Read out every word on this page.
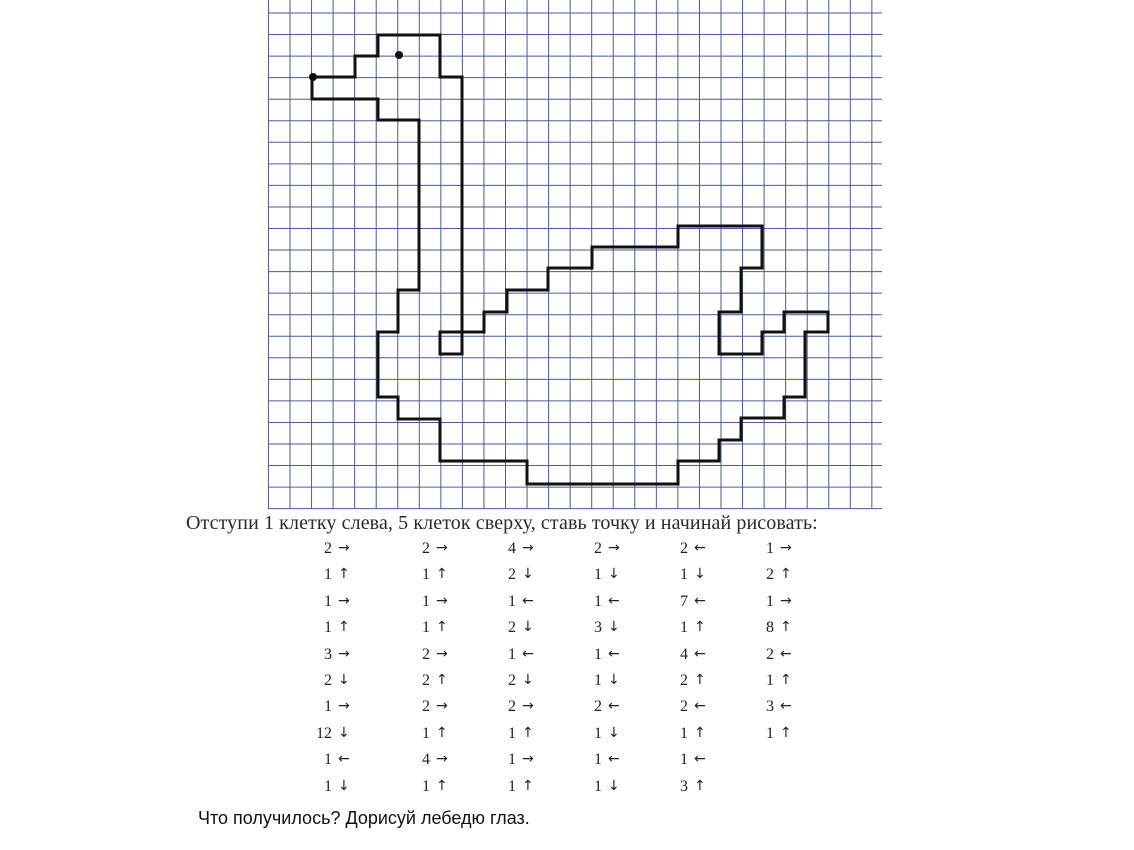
Отступи 1 клетку слева, 5 клеток сверху, ставь точку и начинай рисовать:
2 →
1 ↑
1 →
1 ↑
3 →
2 ↓
1 →
12 ↓
1 ←
1 ↓
2 →
1 ↑
1 →
1 ↑
2 →
2 ↑
2 →
1 ↑
4 →
1 ↑
4 →
2 ↓
1 ←
2 ↓
1 ←
2 ↓
2 →
1 ↑
1 →
1 ↑
2 →
1 ↓
1 ←
3 ↓
1 ←
1 ↓
2 ←
1 ↓
1 ←
1 ↓
2 ←
1 ↓
7 ←
1 ↑
4 ←
2 ↑
2 ←
1 ↑
1 ←
3 ↑
1 →
2 ↑
1 →
8 ↑
2 ←
1 ↑
3 ←
1 ↑
Что получилось? Дорисуй лебедю глаз.
